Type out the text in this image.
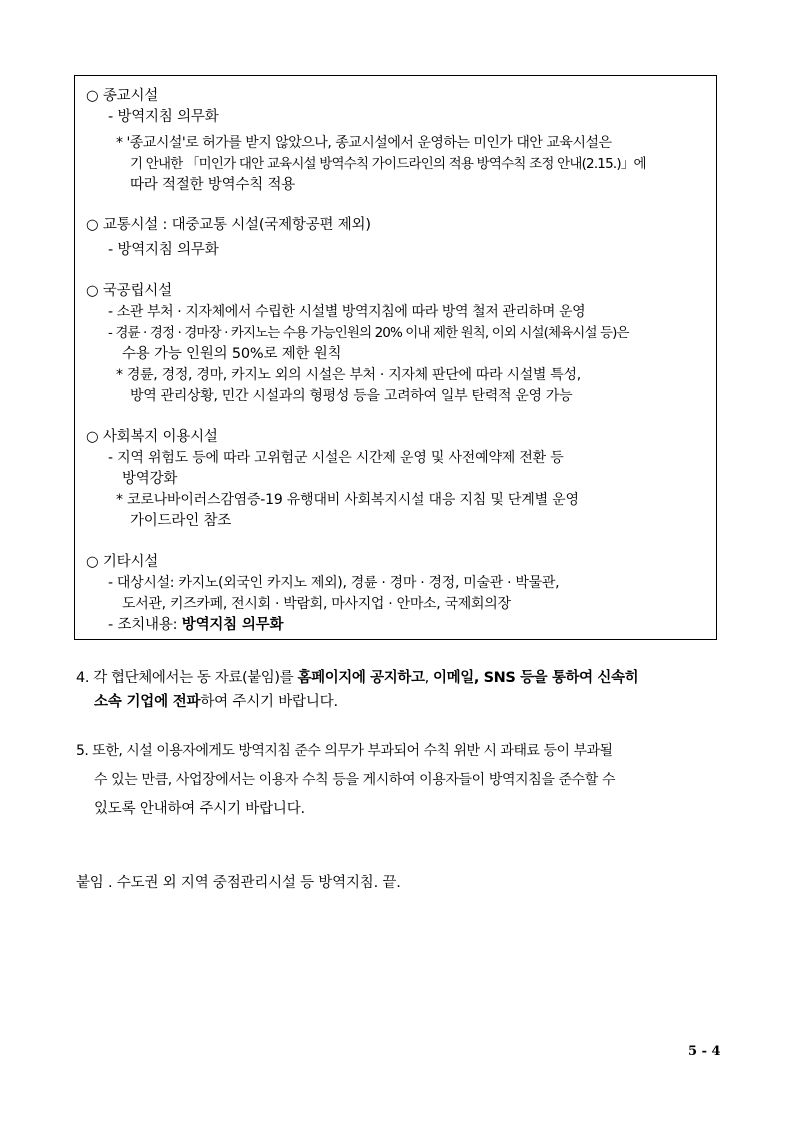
○ 종교시설
- 방역지침 의무화
* '종교시설'로 허가를 받지 않았으나, 종교시설에서 운영하는 미인가 대안 교육시설은
기 안내한 「미인가 대안 교육시설 방역수칙 가이드라인의 적용 방역수칙 조정 안내(2.15.)」에
따라 적절한 방역수칙 적용
○ 교통시설 : 대중교통 시설(국제항공편 제외)
- 방역지침 의무화
○ 국공립시설
- 소관 부처 · 지자체에서 수립한 시설별 방역지침에 따라 방역 철저 관리하며 운영
- 경륜 · 경정 · 경마장 · 카지노는 수용 가능인원의 20% 이내 제한 원칙, 이외 시설(체육시설 등)은
수용 가능 인원의 50%로 제한 원칙
* 경륜, 경정, 경마, 카지노 외의 시설은 부처 · 지자체 판단에 따라 시설별 특성,
방역 관리상황, 민간 시설과의 형평성 등을 고려하여 일부 탄력적 운영 가능
○ 사회복지 이용시설
- 지역 위험도 등에 따라 고위험군 시설은 시간제 운영 및 사전예약제 전환 등
방역강화
* 코로나바이러스감염증-19 유행대비 사회복지시설 대응 지침 및 단계별 운영
가이드라인 참조
○ 기타시설
- 대상시설: 카지노(외국인 카지노 제외), 경륜 · 경마 · 경정, 미술관 · 박물관,
도서관, 키즈카페, 전시회 · 박람회, 마사지업 · 안마소, 국제회의장
- 조치내용: 방역지침 의무화
4. 각 협단체에서는 동 자료(붙임)를 홈페이지에 공지하고, 이메일, SNS 등을 통하여 신속히
소속 기업에 전파하여 주시기 바랍니다.
5. 또한, 시설 이용자에게도 방역지침 준수 의무가 부과되어 수칙 위반 시 과태료 등이 부과될
수 있는 만큼, 사업장에서는 이용자 수칙 등을 게시하여 이용자들이 방역지침을 준수할 수
있도록 안내하여 주시기 바랍니다.
붙임 . 수도권 외 지역 중점관리시설 등 방역지침. 끝.
5 - 4
